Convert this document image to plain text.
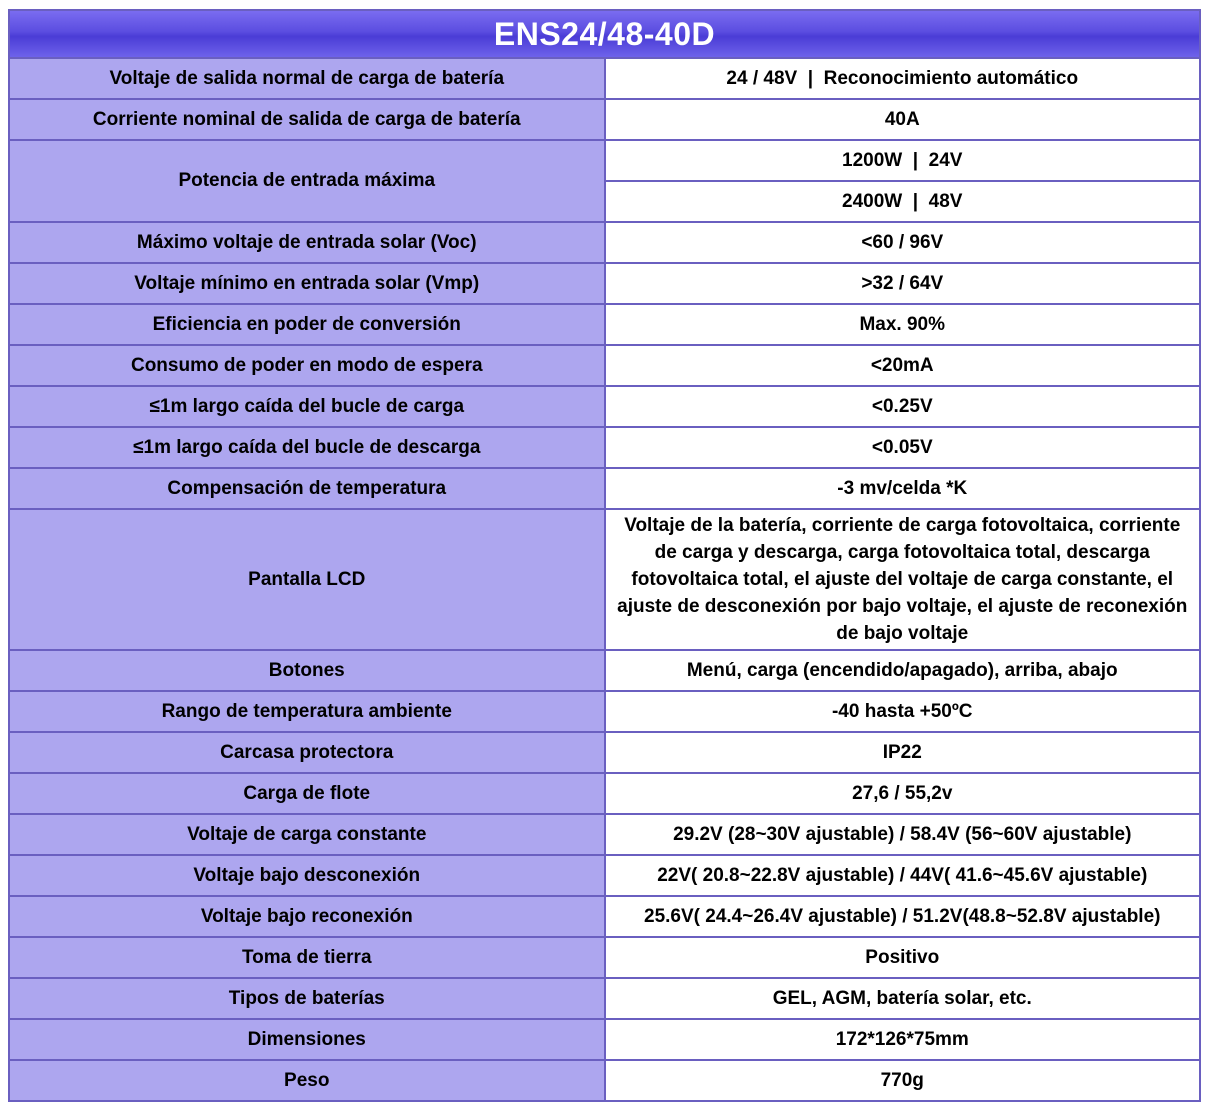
ENS24/48-40D	
Voltaje de salida normal de carga de batería	24 / 48V  |  Reconocimiento automático
Corriente nominal de salida de carga de batería	40A
Potencia de entrada máxima	1200W  |  24V
	2400W  |  48V
Máximo voltaje de entrada solar (Voc)	<60 / 96V
Voltaje mínimo en entrada solar (Vmp)	>32 / 64V
Eficiencia en poder de conversión	Max. 90%
Consumo de poder en modo de espera	<20mA
≤1m largo caída del bucle de carga	<0.25V
≤1m largo caída del bucle de descarga	<0.05V
Compensación de temperatura	-3 mv/celda *K
Pantalla LCD	Voltaje de la batería, corriente de carga fotovoltaica, corriente de carga y descarga, carga fotovoltaica total, descarga fotovoltaica total, el ajuste del voltaje de carga constante, el ajuste de desconexión por bajo voltaje, el ajuste de reconexión de bajo voltaje
Botones	Menú, carga (encendido/apagado), arriba, abajo
Rango de temperatura ambiente	-40 hasta +50ºC
Carcasa protectora	IP22
Carga de flote	27,6 / 55,2v
Voltaje de carga constante	29.2V (28~30V ajustable) / 58.4V (56~60V ajustable)
Voltaje bajo desconexión	22V( 20.8~22.8V ajustable) / 44V( 41.6~45.6V ajustable)
Voltaje bajo reconexión	25.6V( 24.4~26.4V ajustable) / 51.2V(48.8~52.8V ajustable)
Toma de tierra	Positivo
Tipos de baterías	GEL, AGM, batería solar, etc.
Dimensiones	172*126*75mm
Peso	770g
